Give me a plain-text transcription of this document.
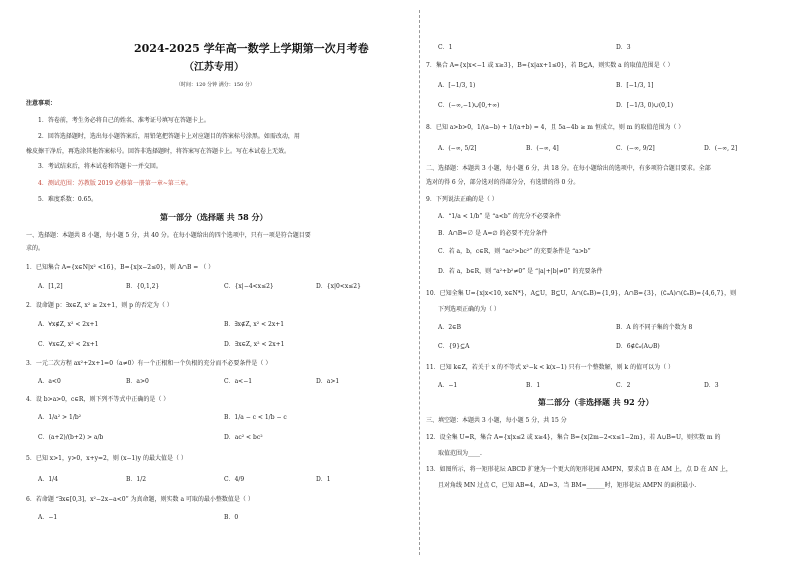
2024-2025 学年高一数学上学期第一次月考卷
（江苏专用）
（时间：120 分钟 满分：150 分）
注意事项：
1．答卷前，考生务必将自己的姓名、准考证号填写在答题卡上。
2．回答选择题时，选出每小题答案后，用铅笔把答题卡上对应题目的答案标号涂黑。如需改动，用
橡皮擦干净后，再选涂其他答案标号。回答非选择题时，将答案写在答题卡上。写在本试卷上无效。
3．考试结束后，将本试卷和答题卡一并交回。
4．测试范围：苏教版 2019 必修第一册第一章~第三章。
5．难度系数：0.65。
第一部分（选择题 共 58 分）
一、选择题：本题共 8 小题，每小题 5 分，共 40 分。在每小题给出的四个选项中，只有一项是符合题目要
求的。
1．已知集合 A={x∈N|x² <16}，B={x|x−2≤0}，则 A∩B = （ ）
A．[1,2]	B．{0,1,2}	C．{x|−4<x≤2}	D．{x|0<x≤2}
2．设命题 p：∃x∈Z, x² ≥ 2x+1，则 p 的否定为（ ）
A．∀x∉Z, x² < 2x+1	B．∃x∉Z, x² < 2x+1
C．∀x∈Z, x² < 2x+1	D．∃x∈Z, x² < 2x+1
3．一元二次方程 ax²+2x+1=0（a≠0）有一个正根和一个负根的充分而不必要条件是（ ）
A．a<0	B．a>0	C．a<−1	D．a>1
4．设 b>a>0，c∈R，则下列不等式中正确的是（ ）
A．1/a² > 1/b²	B．1/a − c < 1/b − c
C．(a+2)/(b+2) > a/b	D．ac² < bc²
5．已知 x>1，y>0，x+y=2，则 (x−1)y 的最大值是（ ）
A．1/4	B．1/2	C．4/9	D．1
6．若命题 “∃x∈[0,3]，x²−2x−a<0” 为真命题，则实数 a 可取的最小整数值是（ ）
A．−1	B．0
C．1	D．3
7．集合 A={x|x<−1 或 x≥3}，B={x|ax+1≤0}，若 B⊆A，则实数 a 的取值范围是（ ）
A．[−1/3, 1)	B．[−1/3, 1]
C．(−∞,−1)∪[0,+∞)	D．[−1/3, 0)∪(0,1)
8．已知 a>b>0，1/(a−b) + 1/(a+b) = 4，且 5a−4b ≥ m 恒成立，则 m 的取值范围为（ ）
A．(−∞, 5/2]	B．(−∞, 4]	C．(−∞, 9/2]	D．(−∞, 2]
二、选择题：本题共 3 小题，每小题 6 分，共 18 分。在每小题给出的选项中，有多项符合题目要求。全部
选对的得 6 分，部分选对的得部分分，有选错的得 0 分。
9．下列说法正确的是（ ）
A．“1/a < 1/b” 是 “a<b” 的充分不必要条件
B．A∩B=∅ 是 A=∅ 的必要不充分条件
C．若 a，b，c∈R，则 “ac²>bc²” 的充要条件是 “a>b”
D．若 a，b∈R，则 “a²+b²≠0” 是 “|a|+|b|≠0” 的充要条件
10．已知全集 U={x|x<10, x∈N*}，A⊆U，B⊆U，A∩(∁ᵤB)={1,9}，A∩B={3}，(∁ᵤA)∩(∁ᵤB)={4,6,7}，则
下列选项正确的为（ ）
A．2∈B	B．A 的不同子集的个数为 8
C．{9}⊆A	D．6∉∁ᵤ(A∪B)
11．已知 k∈Z，若关于 x 的不等式 x²−k < k(x−1) 只有一个整数解，则 k 的值可以为（ ）
A．−1	B．1	C．2	D．3
第二部分（非选择题 共 92 分）
三、填空题：本题共 3 小题，每小题 5 分，共 15 分
12．设全集 U=R，集合 A={x|x≤2 或 x≥4}，集合 B={x|2m−2<x≤1−2m}，若 A∪B=U，则实数 m 的
取值范围为____.
13．如图所示，将一矩形花坛 ABCD 扩建为一个更大的矩形花园 AMPN，要求点 B 在 AM 上，点 D 在 AN 上，
且对角线 MN 过点 C，已知 AB=4，AD=3，当 BM=______时，矩形花坛 AMPN 的面积最小.
